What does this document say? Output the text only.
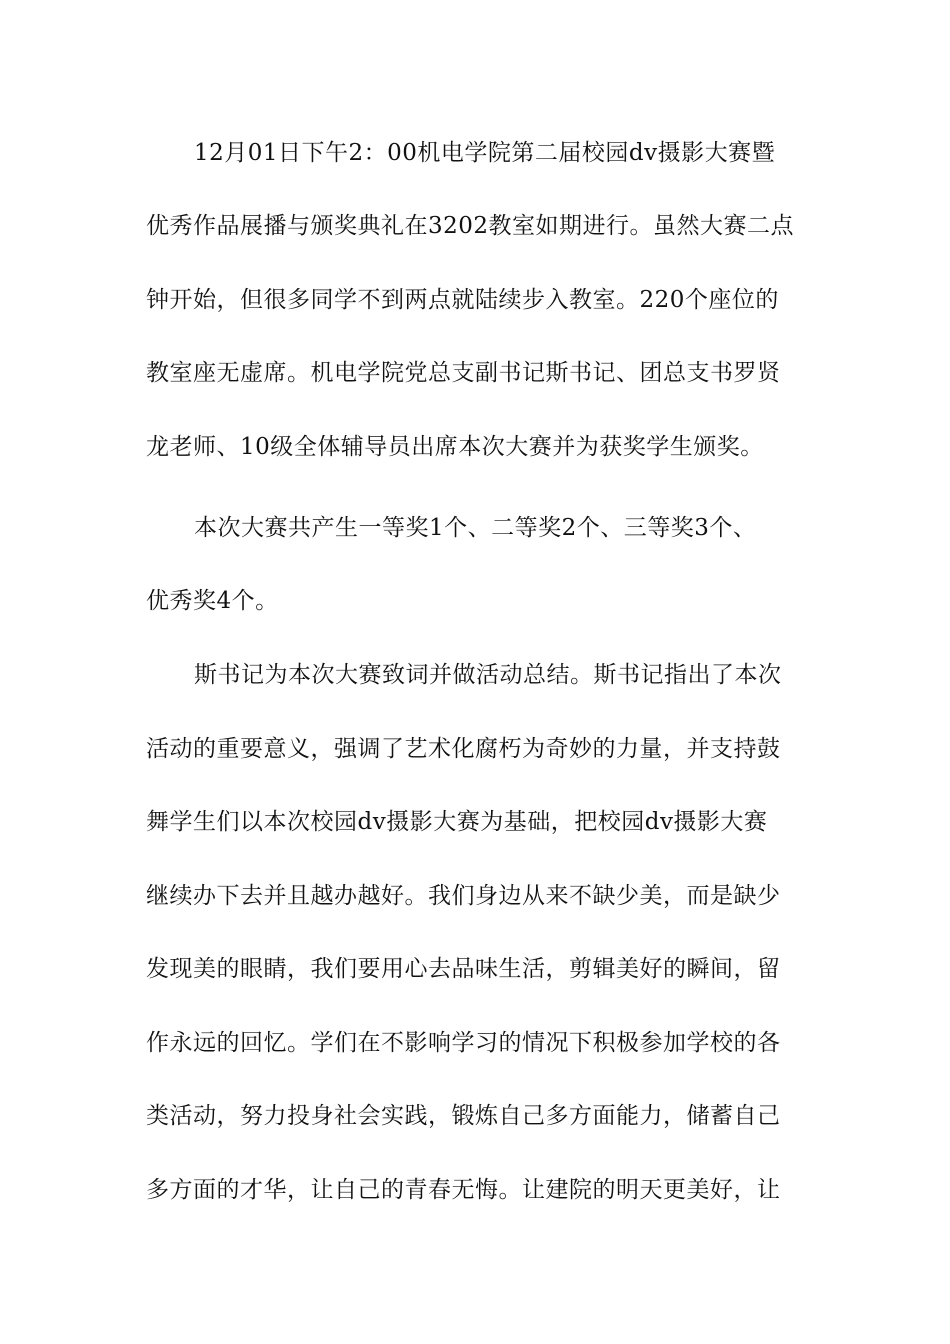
12月01日下午2：00机电学院第二届校园dv摄影大赛暨
优秀作品展播与颁奖典礼在3202教室如期进行。虽然大赛二点
钟开始，但很多同学不到两点就陆续步入教室。220个座位的
教室座无虚席。机电学院党总支副书记斯书记、团总支书罗贤
龙老师、10级全体辅导员出席本次大赛并为获奖学生颁奖。
本次大赛共产生一等奖1个、二等奖2个、三等奖3个、
优秀奖4个。
斯书记为本次大赛致词并做活动总结。斯书记指出了本次
活动的重要意义，强调了艺术化腐朽为奇妙的力量，并支持鼓
舞学生们以本次校园dv摄影大赛为基础，把校园dv摄影大赛
继续办下去并且越办越好。我们身边从来不缺少美，而是缺少
发现美的眼睛，我们要用心去品味生活，剪辑美好的瞬间，留
作永远的回忆。学们在不影响学习的情况下积极参加学校的各
类活动，努力投身社会实践，锻炼自己多方面能力，储蓄自己
多方面的才华，让自己的青春无悔。让建院的明天更美好，让
